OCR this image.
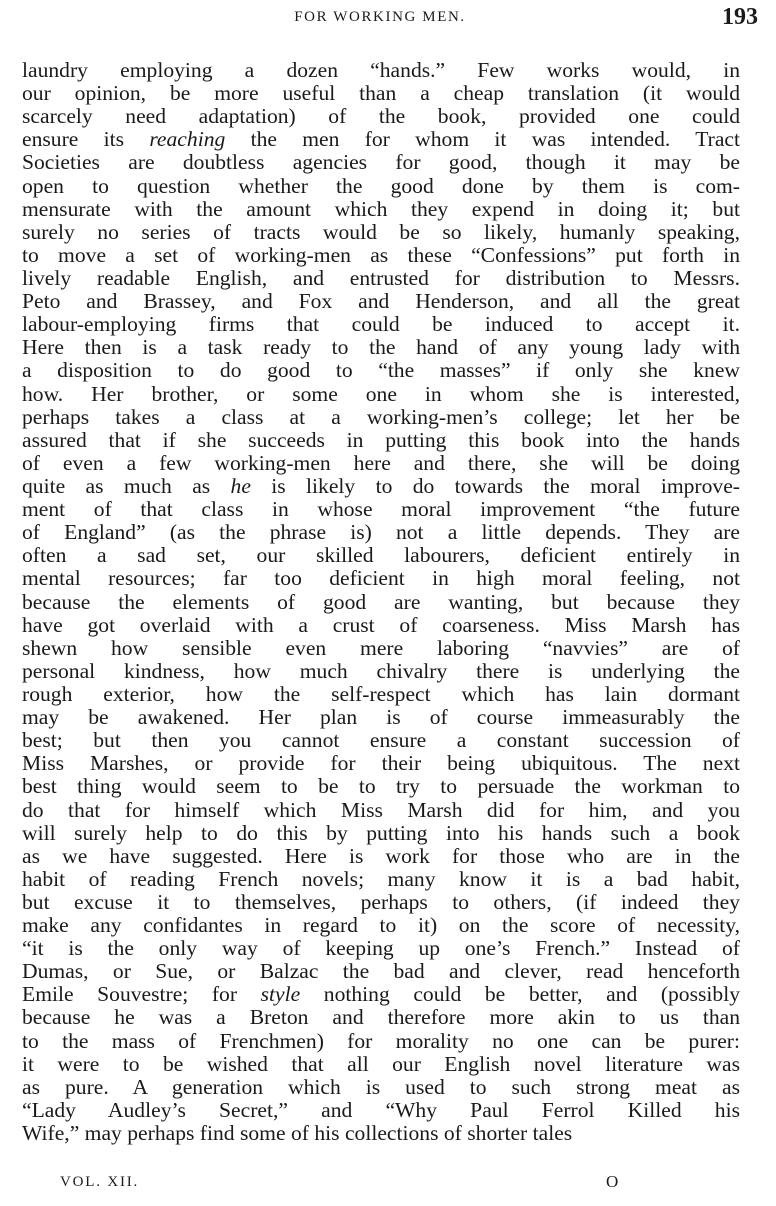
FOR WORKING MEN.	193
laundry employing a dozen “hands.” Few works would, in
our opinion, be more useful than a cheap translation (it would
scarcely need adaptation) of the book, provided one could
ensure its reaching the men for whom it was intended. Tract
Societies are doubtless agencies for good, though it may be
open to question whether the good done by them is com-
mensurate with the amount which they expend in doing it; but
surely no series of tracts would be so likely, humanly speaking,
to move a set of working-men as these “Confessions” put forth in
lively readable English, and entrusted for distribution to Messrs.
Peto and Brassey, and Fox and Henderson, and all the great
labour-employing firms that could be induced to accept it.
Here then is a task ready to the hand of any young lady with
a disposition to do good to “the masses” if only she knew
how. Her brother, or some one in whom she is interested,
perhaps takes a class at a working-men’s college; let her be
assured that if she succeeds in putting this book into the hands
of even a few working-men here and there, she will be doing
quite as much as he is likely to do towards the moral improve-
ment of that class in whose moral improvement “the future
of England” (as the phrase is) not a little depends. They are
often a sad set, our skilled labourers, deficient entirely in
mental resources; far too deficient in high moral feeling, not
because the elements of good are wanting, but because they
have got overlaid with a crust of coarseness. Miss Marsh has
shewn how sensible even mere laboring “navvies” are of
personal kindness, how much chivalry there is underlying the
rough exterior, how the self-respect which has lain dormant
may be awakened. Her plan is of course immeasurably the
best; but then you cannot ensure a constant succession of
Miss Marshes, or provide for their being ubiquitous. The next
best thing would seem to be to try to persuade the workman to
do that for himself which Miss Marsh did for him, and you
will surely help to do this by putting into his hands such a book
as we have suggested. Here is work for those who are in the
habit of reading French novels; many know it is a bad habit,
but excuse it to themselves, perhaps to others, (if indeed they
make any confidantes in regard to it) on the score of necessity,
“it is the only way of keeping up one’s French.” Instead of
Dumas, or Sue, or Balzac the bad and clever, read henceforth
Emile Souvestre; for style nothing could be better, and (possibly
because he was a Breton and therefore more akin to us than
to the mass of Frenchmen) for morality no one can be purer:
it were to be wished that all our English novel literature was
as pure. A generation which is used to such strong meat as
“Lady Audley’s Secret,” and “Why Paul Ferrol Killed his
Wife,” may perhaps find some of his collections of shorter tales
VOL. XII.	O
